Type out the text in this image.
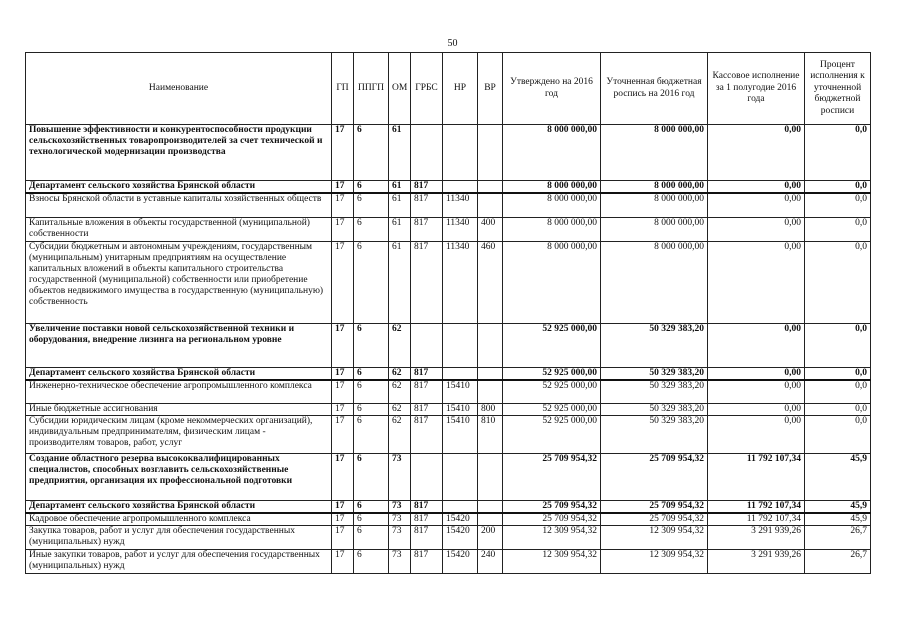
50
Наименование	ГП	ППГП	ОМ	ГРБС	НР	ВР	Утверждено на 2016 год	Уточненная бюджетная роспись на 2016 год	Кассовое исполнение за 1 полугодие 2016 года	Процент исполнения к уточненной бюджетной росписи
Повышение эффективности и конкурентоспособности продукции сельскохозяйственных товаропроизводителей за счет технической и технологической модернизации производства	17	6	61				8 000 000,00	8 000 000,00	0,00	0,0
Департамент сельского хозяйства Брянской области	17	6	61	817			8 000 000,00	8 000 000,00	0,00	0,0
Взносы Брянской области в уставные капиталы хозяйственных обществ	17	6	61	817	11340		8 000 000,00	8 000 000,00	0,00	0,0
Капитальные вложения в объекты государственной (муниципальной) собственности	17	6	61	817	11340	400	8 000 000,00	8 000 000,00	0,00	0,0
Субсидии бюджетным и автономным учреждениям, государственным (муниципальным) унитарным предприятиям на осуществление капитальных вложений в объекты капитального строительства государственной (муниципальной) собственности или приобретение объектов недвижимого имущества в государственную (муниципальную) собственность	17	6	61	817	11340	460	8 000 000,00	8 000 000,00	0,00	0,0
Увеличение поставки новой сельскохозяйственной техники и оборудования, внедрение лизинга на региональном уровне	17	6	62				52 925 000,00	50 329 383,20	0,00	0,0
Департамент сельского хозяйства Брянской области	17	6	62	817			52 925 000,00	50 329 383,20	0,00	0,0
Инженерно-техническое обеспечение агропромышленного комплекса	17	6	62	817	15410		52 925 000,00	50 329 383,20	0,00	0,0
Иные бюджетные ассигнования	17	6	62	817	15410	800	52 925 000,00	50 329 383,20	0,00	0,0
Субсидии юридическим лицам (кроме некоммерческих организаций), индивидуальным предпринимателям, физическим лицам - производителям товаров, работ, услуг	17	6	62	817	15410	810	52 925 000,00	50 329 383,20	0,00	0,0
Создание областного резерва высококвалифицированных специалистов, способных возглавить сельскохозяйственные предприятия, организация их профессиональной подготовки	17	6	73				25 709 954,32	25 709 954,32	11 792 107,34	45,9
Департамент сельского хозяйства Брянской области	17	6	73	817			25 709 954,32	25 709 954,32	11 792 107,34	45,9
Кадровое обеспечение агропромышленного комплекса	17	6	73	817	15420		25 709 954,32	25 709 954,32	11 792 107,34	45,9
Закупка товаров, работ и услуг для обеспечения государственных (муниципальных) нужд	17	6	73	817	15420	200	12 309 954,32	12 309 954,32	3 291 939,26	26,7
Иные закупки товаров, работ и услуг для обеспечения государственных (муниципальных) нужд	17	6	73	817	15420	240	12 309 954,32	12 309 954,32	3 291 939,26	26,7
